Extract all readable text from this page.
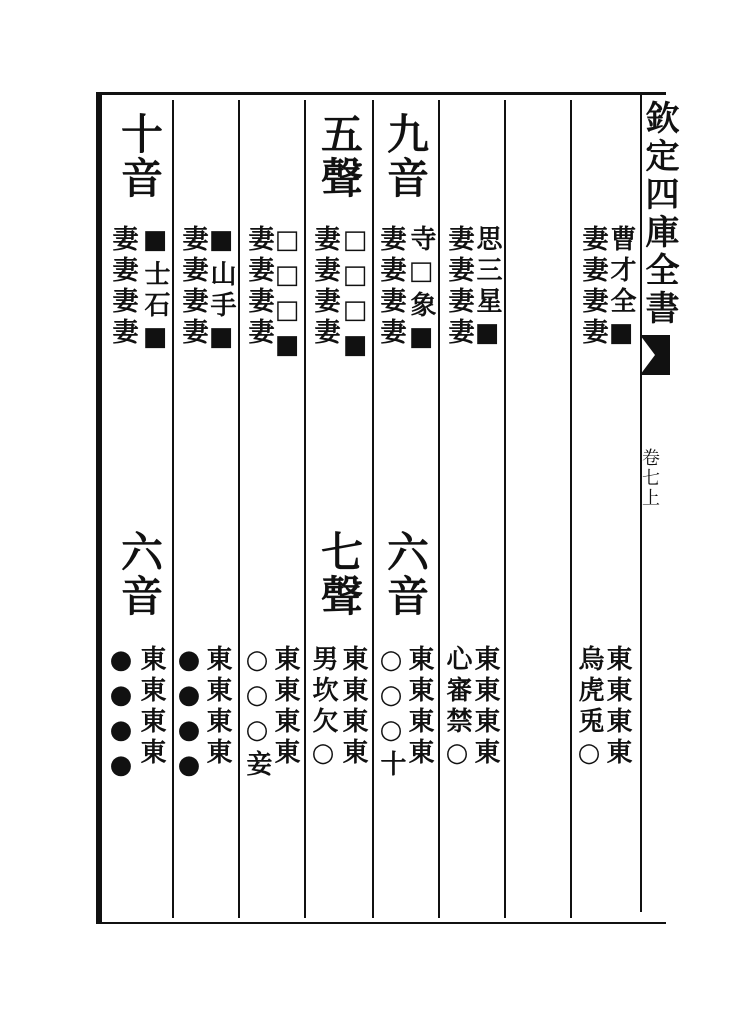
欽定四庫全書
卷七上
十音
妻妻妻妻 ■士石■
六音
東東東東
●●●●
妻妻妻妻
■山手■
東東東東
●●●●
妻妻妻妻
□□□■
東東東東
○○○妾
五聲
妻妻妻妻 □□□■
七聲
東東東東
男坎欠○
九音
妻妻妻妻 寺□象■
六音
東東東東
○○○十
妻妻妻妻
思三星■
東東東東
心審禁○
妻妻妻妻
曹才全■
東東東東
烏虎兎○
